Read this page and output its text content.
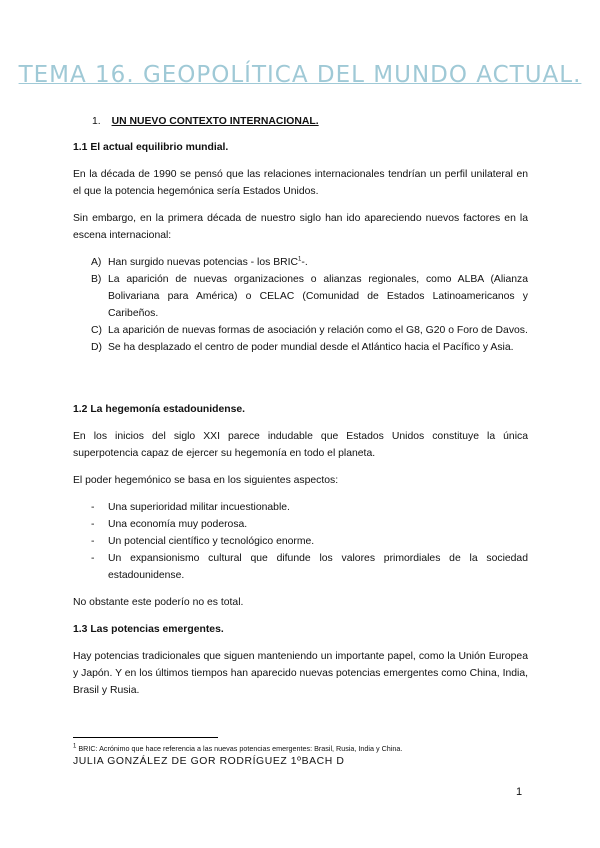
TEMA 16. GEOPOLÍTICA DEL MUNDO ACTUAL.
1. UN NUEVO CONTEXTO INTERNACIONAL.
1.1 El actual equilibrio mundial.
En la década de 1990 se pensó que las relaciones internacionales tendrían un perfil unilateral en el que la potencia hegemónica sería Estados Unidos.
Sin embargo, en la primera década de nuestro siglo han ido apareciendo nuevos factores en la escena internacional:
A) Han surgido nuevas potencias - los BRIC$^1$-.
B) La aparición de nuevas organizaciones o alianzas regionales, como ALBA (Alianza Bolivariana para América) o CELAC (Comunidad de Estados Latinoamericanos y Caribeños.
C) La aparición de nuevas formas de asociación y relación como el G8, G20 o Foro de Davos.
D) Se ha desplazado el centro de poder mundial desde el Atlántico hacia el Pacífico y Asia.
1.2 La hegemonía estadounidense.
En los inicios del siglo XXI parece indudable que Estados Unidos constituye la única superpotencia capaz de ejercer su hegemonía en todo el planeta.
El poder hegemónico se basa en los siguientes aspectos:
- Una superioridad militar incuestionable.
- Una economía muy poderosa.
- Un potencial científico y tecnológico enorme.
- Un expansionismo cultural que difunde los valores primordiales de la sociedad estadounidense.
No obstante este poderío no es total.
1.3 Las potencias emergentes.
Hay potencias tradicionales que siguen manteniendo un importante papel, como la Unión Europea y Japón. Y en los últimos tiempos han aparecido nuevas potencias emergentes como China, India, Brasil y Rusia.
$^1$ BRIC: Acrónimo que hace referencia a las nuevas potencias emergentes: Brasil, Rusia, India y China.
JULIA GONZÁLEZ DE GOR RODRÍGUEZ 1ºBACH D
1
